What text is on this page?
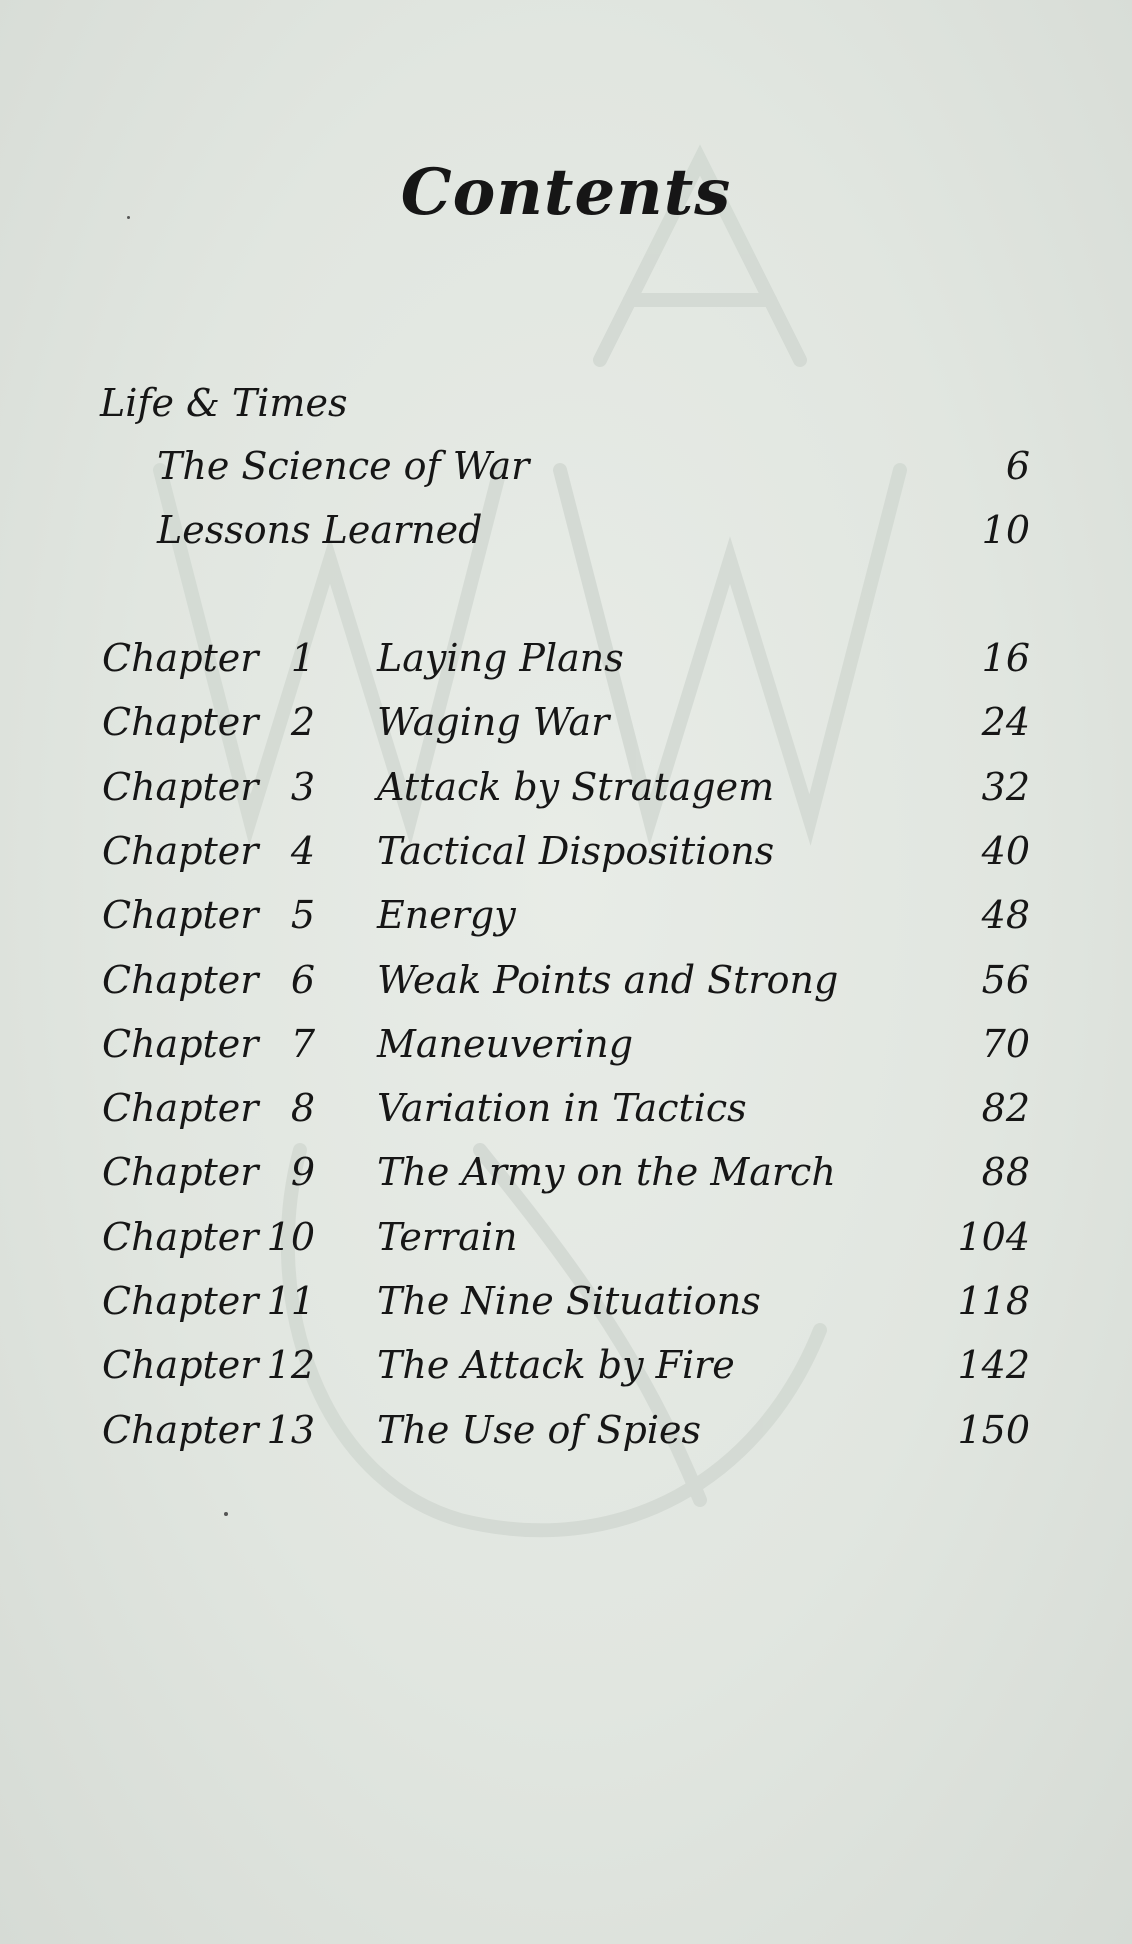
Contents
Life & Times
The Science of War	6
Lessons Learned	10
Chapter 1 Laying Plans	16
Chapter 2 Waging War	24
Chapter 3 Attack by Stratagem	32
Chapter 4 Tactical Dispositions	40
Chapter 5 Energy	48
Chapter 6 Weak Points and Strong	56
Chapter 7 Maneuvering	70
Chapter 8 Variation in Tactics	82
Chapter 9 The Army on the March	88
Chapter 10 Terrain	104
Chapter 11 The Nine Situations	118
Chapter 12 The Attack by Fire	142
Chapter 13 The Use of Spies	150
